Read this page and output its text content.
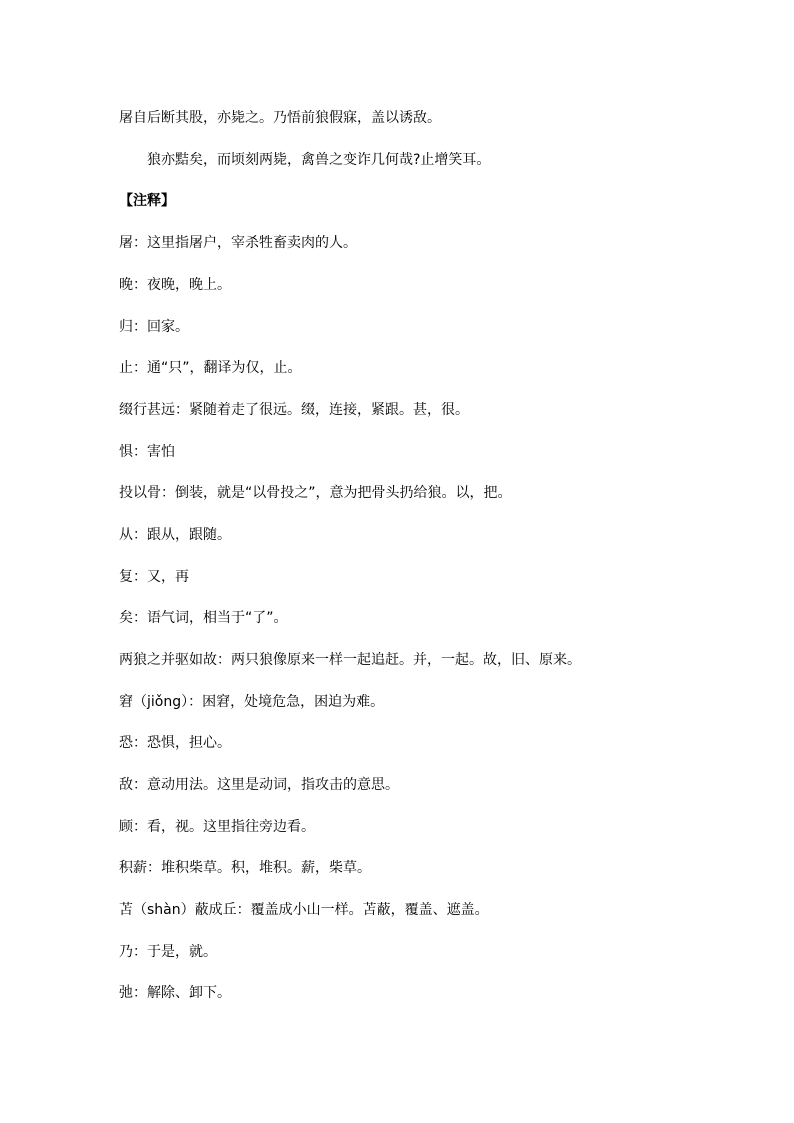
屠自后断其股，亦毙之。乃悟前狼假寐，盖以诱敌。
狼亦黠矣，而顷刻两毙，禽兽之变诈几何哉?止增笑耳。
【注释】
屠：这里指屠户，宰杀牲畜卖肉的人。
晚：夜晚，晚上。
归：回家。
止：通“只”，翻译为仅，止。
缀行甚远：紧随着走了很远。缀，连接，紧跟。甚，很。
惧：害怕
投以骨：倒装，就是“以骨投之”，意为把骨头扔给狼。以，把。
从：跟从，跟随。
复：又，再
矣：语气词，相当于“了”。
两狼之并驱如故：两只狼像原来一样一起追赶。并，一起。故，旧、原来。
窘（jiǒng）：困窘，处境危急，困迫为难。
恐：恐惧，担心。
敌：意动用法。这里是动词，指攻击的意思。
顾：看，视。这里指往旁边看。
积薪：堆积柴草。积，堆积。薪，柴草。
苫（shàn）蔽成丘：覆盖成小山一样。苫蔽，覆盖、遮盖。
乃：于是，就。
弛：解除、卸下。
